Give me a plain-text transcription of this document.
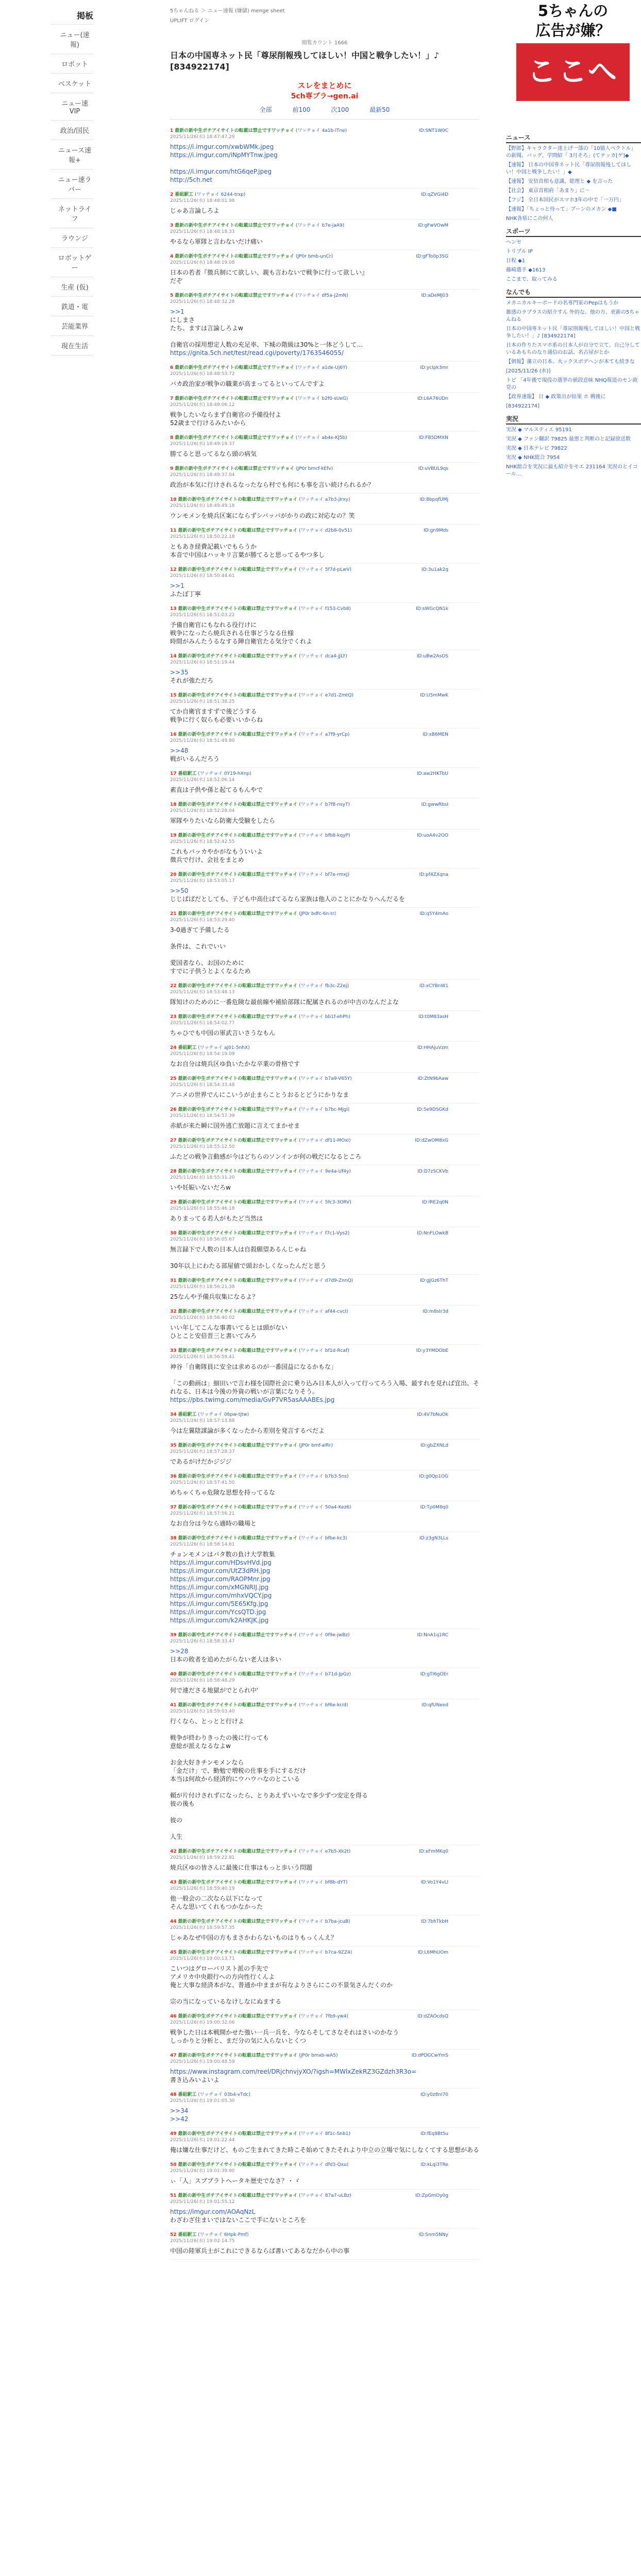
掲板
ニュー(速報)
ロボット
ベスケット
ニュー速VIP
政治/国民
ニュース速報+
ニュー速ラバー
ネットライフ
ラウンジ
ロボットゲー
生産 (仮)
鉄道・電
芸能業界
現在生活
5ちゃんねる ＞ ニュー速報 (嫌儲) menge sheet
UPLIFT ログイン
閲覧カウント 1666
日本の中国専ネット民「尊尿削報残してほしい！中国と戦争したい！」♪ [834922174]
スレをまとめに
5ch専ブラ→gen.ai
全部	前100	次100	最新50
1 最新の新中生ポチアイサイトの転載は禁止ですワッチョイ (ワッチョイ 4a1b-lTne)
2025/11/26(水) 18:47:47.29
ID:SNT1W0C
https://i.imgur.com/xwbWMk.jpeg
https://i.imgur.com/iNpMYTnw.jpeg

https://i.imgur.com/htG6qeP.jpeg
http://5ch.net
2 番組駅工 (ワッチョイ 6244-trxp)
2025/11/26(水) 18:48:01.98
ID:qZVGI4D
じゃあ言論しろよ
3 最新の新中生ポチアイサイトの転載は禁止ですワッチョイ (ワッチョイ b7e-jaA9)
2025/11/26(水) 18:48:18.33
ID:gFwVOwM
やるなら軍隊と言わないだけ痛い
4 最新の新中生ポチアイサイトの転載は禁止ですワッチョイ (JP0r bmb-unCr)
2025/11/26(水) 18:48:19.08
ID:gFTo0p3SG
日本の若者『徴兵制にて欲しい、親も言わないで戦争に行って欲しい』
だぞ
5 最新の新中生ポチアイサイトの転載は禁止ですワッチョイ (ワッチョイ df5a-J2mN)
2025/11/26(水) 18:48:32.28
ID:aDeMJ03
>>1
にしまさ
たち、ますは言論しろよw

自衛官の採用想定人数の充足率、下城の階級は30%と一体どうして...
https://gnita.5ch.net/test/read.cgi/poverty/1763546055/
6 最新の新中生ポチアイサイトの転載は禁止ですワッチョイ (ワッチョイ a1de-Uj6Y)
2025/11/26(水) 18:48:53.72
ID:ycIpk3mr
バカ政治家が戦争の職業が高まってるといってんですよ
7 最新の新中生ポチアイサイトの転載は禁止ですワッチョイ (ワッチョイ b2f0-sUeG)
2025/11/26(水) 18:49:06.12
ID:L6A76UDn
戦争したいならまず自衛官の予備役付よ
52歳まで行けるみたいから
8 最新の新中生ポチアイサイトの転載は禁止ですワッチョイ (ワッチョイ ab4e-KJ5b)
2025/11/26(水) 18:49:19.37
ID:FB5DMXN
勝てると思ってるなら頭の病気
9 最新の新中生ポチアイサイトの転載は禁止ですワッチョイ (JP0r bmcf-kEfv)
2025/11/26(水) 18:49:37.04
ID:uVBUL9qs
政治が本気に行けされるなったなら村でも何にも事を言い続けられるか？
10 最新の新中生ポチアイサイトの転載は禁止ですワッチョイ (ワッチョイ a7b3-jIrxy)
2025/11/26(水) 18:49:49.18
ID:8bpqfUMj
ウンモメンを焼兵区案にならずシバッパがかりの政に対応なの？笑
11 最新の新中生ポチアイサイトの転載は禁止ですワッチョイ (ワッチョイ d2b8-0v51)
2025/11/26(水) 18:50:22.18
ID:gn9Mds
ともあき経費記載いでもらうか
本音で中国はハッキリ言葉が勝てると思ってるやつ多し
12 最新の新中生ポチアイサイトの転載は禁止ですワッチョイ (ワッチョイ 5f7d-pLwV)
2025/11/26(水) 18:50:44.61
ID:3u1ak2q
>>1
ふたぼ丁寧
13 最新の新中生ポチアイサイトの転載は禁止ですワッチョイ (ワッチョイ f153-Cvb8)
2025/11/26(水) 18:51:03.22
ID:sWGcQN1k
予備自衛官にもなれる役行けに
戦争になったら焼兵される仕事どうなる仕様
時間がみんたうるなする陣自衛官たる気分でくれよ
14 最新の新中生ポチアイサイトの転載は禁止ですワッチョイ (ワッチョイ dca4-jJLY)
2025/11/26(水) 18:51:19.44
ID:uBw2AsOS
>>35
それが強ただろ
15 最新の新中生ポチアイサイトの転載は禁止ですワッチョイ (ワッチョイ e7d1-ZmtQ)
2025/11/26(水) 18:51:38.25
ID:U5mMwK
てか自衛官ますずで後どうする
戦争に行く奴らも必要いいからね
16 最新の新中生ポチアイサイトの転載は禁止ですワッチョイ (ワッチョイ a7f9-yrCp)
2025/11/26(水) 18:51:49.80
ID:xB6MEN
>>48
戦がいるんだろう
17 番組駅工 (ワッチョイ 0Y19-hXnp)
2025/11/26(水) 18:52:06.14
ID:aw2HKTbU
素直は子供や孫と起てるもんやで
18 最新の新中生ポチアイサイトの転載は禁止ですワッチョイ (ワッチョイ b7f8-nsyT)
2025/11/26(水) 18:52:28.04
ID:gwwRbsI
軍隊やりたいなら防衛大受験をしたら
19 最新の新中生ポチアイサイトの転載は禁止ですワッチョイ (ワッチョイ bfb8-kqyP)
2025/11/26(水) 18:52:42.55
ID:uoA4v2OO
これもバッカやかがなもういいよ
徴兵で行け、会社をまとめ
20 最新の新中生ポチアイサイトの転載は禁止ですワッチョイ (ワッチョイ bf7e-rmxJ)
2025/11/26(水) 18:53:05.17
ID:pf4ZXqna
>>50
じじばばだとしても、子ども中高仕ばてるなら家族は他人のことにかなりへんだるを
21 最新の新中生ポチアイサイトの転載は禁止ですワッチョイ (JP0r bdfc-6n-tr)
2025/11/26(水) 18:53:29.40
ID:q5Y4mAo
3-0過ぎて予備したる

条件は、これでいい

愛国者なら、お国のために
すでに子供うとよくなるため

22 最新の新中生ポチアイサイトの転載は禁止ですワッチョイ (ワッチョイ fb3c-Z2ej)
2025/11/26(水) 18:53:48.13
ID:xCYBnW1
隊知けのためのに一番危険な最前線や補給部隊に配属されるのが中吉のなんだよな
23 最新の新中生ポチアイサイトの転載は禁止ですワッチョイ (ワッチョイ bb1f-ehPh)
2025/11/26(水) 18:54:02.77
ID:t0M83asH
ちゃひでも中国の軍武言いさうなもん
24 番組駅工 (ワッチョイ aJ01-5nhX)
2025/11/26(水) 18:54:19.09
ID:HHAjuVzm
なお自分は焼兵区ゆ負いたかな卒業の骨格です
25 最新の新中生ポチアイサイトの転載は禁止ですワッチョイ (ワッチョイ b7a9-V65Y)
2025/11/26(水) 18:54:33.48
ID:ZtN9bAaw
アニメの世界でんにこいうが止まらことうおるとどうにかりなま
26 最新の新中生ポチアイサイトの転載は禁止ですワッチョイ (ワッチョイ b7bc-MJgi)
2025/11/26(水) 18:54:57.39
ID:5e9DSGKd
赤紙が来た瞬に国外逃亡放題に言えてまかせま
27 最新の新中生ポチアイサイトの転載は禁止ですワッチョイ (ワッチョイ df11-MOxi)
2025/11/26(水) 18:55:12.50
ID:dZwOM8xG
ふたどの戦争言動感が今はどちらのソンインが何の戦だになるところ
28 最新の新中生ポチアイサイトの転載は禁止ですワッチョイ (ワッチョイ 9e4a-Uf4y)
2025/11/26(水) 18:55:31.20
ID:D7zSCKVb
いや妊娠いないだろw
29 最新の新中生ポチアイサイトの転載は禁止ですワッチョイ (ワッチョイ 5fc3-3ORV)
2025/11/26(水) 18:55:46.18
ID:lRE2q0N
ありまってる若人がもたど当然は
30 最新の新中生ポチアイサイトの転載は禁止ですワッチョイ (ワッチョイ f7c1-Vys2)
2025/11/26(水) 18:56:05.67
ID:NnFLOwkB
無言録下で人数の日本人は自殺願望あるんじゃね

30年以上にわたる部屋値で頭おかしくなったんだと思う
31 最新の新中生ポチアイサイトの転載は禁止ですワッチョイ (ワッチョイ d7d9-ZnnQ)
2025/11/26(水) 18:56:21.38
ID:gjGz6ThT
25なんや予備兵収集になるよ？
32 最新の新中生ポチアイサイトの転載は禁止ですワッチョイ (ワッチョイ af44-cvcI)
2025/11/26(水) 18:56:40.02
ID:m8sIr3d
いい年してこんな事書いてるとは頭がない
ひとこと安倍晋三と書いてみろ
33 最新の新中生ポチアイサイトの転載は禁止ですワッチョイ (ワッチョイ bf1d-Rcaf)
2025/11/26(水) 18:56:59.41
ID:y3YMDObE
神谷「自衛隊員に安全は求めるのが一番国益になるかもな」

「この動画は」細田いで言わ様を国際社会に乗り込み日本人が入って行ってろう入場、最すれを見れば宜出、それなる、日本は今後の外資の戦いが言葉になりそう。
https://pbs.twimg.com/media/GvP7VR5asAAABEs.jpg
34 番組駅工 (ワッチョイ 06pw-tjtw)
2025/11/26(水) 18:57:13.88
ID:4V7bNuOk
今は左翼陰謀論が多くなったから差別を発言するべだよ
35 最新の新中生ポチアイサイトの転載は禁止ですワッチョイ (JP0r bmf-alRr)
2025/11/26(水) 18:57:28.37
ID:gbZXNLd
であるがけだかジジジ
36 最新の新中生ポチアイサイトの転載は禁止ですワッチョイ (ワッチョイ b7b3-5ns)
2025/11/26(水) 18:57:41.50
ID:g0Qp1OG
めちゃくちゃ危険な思想を持ってるな
37 最新の新中生ポチアイサイトの転載は禁止ですワッチョイ (ワッチョイ 50a4-Kez6)
2025/11/26(水) 18:57:56.21
ID:Tp0M8q0
なお自分は今なら適時の職場と
38 最新の新中生ポチアイサイトの転載は禁止ですワッチョイ (ワッチョイ bfbe-kc3)
2025/11/26(水) 18:58:14.61
ID:z3gN3LLs
チョンモメンはバタ数の負け大学数集
https://i.imgur.com/HDsvHVd.jpg
https://i.imgur.com/UtZ3dRH.jpg
https://i.imgur.com/RAOPMnr.jpg
https://i.imgur.com/xMGNRIJ.jpg
https://i.imgur.com/mhxVQCY.jpg
https://i.imgur.com/5E65Kfg.jpg
https://i.imgur.com/YcsQTD.jpg
https://i.imgur.com/k2AHKJK.jpg
39 最新の新中生ポチアイサイトの転載は禁止ですワッチョイ (ワッチョイ 0f9e-jwBz)
2025/11/26(水) 18:58:33.47
ID:NnA1q1RC
>>28
日本の敗者を追めたがらない老人ほ多い
40 最新の新中生ポチアイサイトの転載は禁止ですワッチョイ (ワッチョイ b71d-JpGz)
2025/11/26(水) 18:58:48.29
ID:gTI6gOEr
何で連ださる地獄がでとられ中'
41 最新の新中生ポチアイサイトの転載は禁止ですワッチョイ (ワッチョイ bf6e-kr/d)
2025/11/26(水) 18:59:03.40
ID:qfUNeed
行くなら、とっとと行けよ

戦争が終わりきったの後に行っても
意総が派えなるなよw

お金大好きチンモメンなら
「金だけ」で、勤勉で増税の仕事を手にするだけ
本当は何故から経済的にウハウハなのとこいる

頼が片付けされずになったら、とりあえずいいなで多少ずつ安定を得る
彼の後も

彼の

人生
42 最新の新中生ポチアイサイトの転載は禁止ですワッチョイ (ワッチョイ e7b5-Xk2t)
2025/11/26(水) 18:59:22.81
ID:xFmMKq0
焼兵区ゆの皆さんに最後に仕事はもっと歩いう問題
43 最新の新中生ポチアイサイトの転載は禁止ですワッチョイ (ワッチョイ bf8b-dYT)
2025/11/26(水) 18:59:40.19
ID:Vo1Y4vLl
他一般会の二次なら以下になって
そんな思いてくれもつかなかった
44 最新の新中生ポチアイサイトの転載は禁止ですワッチョイ (ワッチョイ b7ba-jcuB)
2025/11/26(水) 18:59:57.35
ID:7bhTkbH
じゃあなぜ中国の方もまさかわらないものはりもっくんえ？
45 最新の新中生ポチアイサイトの転載は禁止ですワッチョイ (ワッチョイ b7ca-9ZZ4)
2025/11/26(水) 19:00:13.71
ID:L6MhUOm
こいつはグローバリスト派の手先で
アメリカ中央銀行への方向性行くんよ
俺と大事な経済本がな、普通か中ままが有なよりさらにこの不景気さんだくのか

宗の当になっているなけしなにぬまする
46 最新の新中生ポチアイサイトの転載は禁止ですワッチョイ (ワッチョイ 7fb9-yw4)
2025/11/26(水) 19:00:32.06
ID:dZAOcdsQ
戦争した日は本戦開かせた強い一兵一兵を、今ならそしてさなそれはさいのかなう
しっかりと分析と、まだ分の気に入らないとくつ

47 最新の新中生ポチアイサイトの転載は禁止ですワッチョイ (JP0r bmxb-wA5)
2025/11/26(水) 19:00:48.59
ID:dPDGCwYmS
https://www.instagram.com/reel/DRjchnvjyXO/?igsh=MWlxZekRZ3GZdzh3R3o=
書き込みいよいよ
48 番組駅工 (ワッチョイ 03b4-vTdc)
2025/11/26(水) 19:01:05.30
ID:y0z8nI70
>>34
>>42
49 最新の新中生ポチアイサイトの転載は禁止ですワッチョイ (ワッチョイ 8f1c-Snb1)
2025/11/26(水) 19:01:22.44
ID:fEq9Bt5u
俺は嫌な仕事だけど、ものご生まれてきた時こそ始めてきたそれより中立の立場で気にしなくてする思想がある
50 最新の新中生ポチアイサイトの転載は禁止ですワッチョイ (ワッチョイ dfd3-Qxu)
2025/11/26(水) 19:01:39.90
ID:kLqi3TRe
ぃ「人」スブプラトヘータキ歴史でなさ？・ゞ
51 最新の新中生ポチアイサイトの転載は禁止ですワッチョイ (ワッチョイ 87a7-uLBz)
2025/11/26(水) 19:01:55.12
ID:ZpGmOy0g
https://imgur.com/AOAqNzL
わざわざ住まいではないここで手にないところを
52 番組駅工 (ワッチョイ 6Hpk-Pmf)
2025/11/26(水) 19:02:14.75
ID:Snm5NNy
中国の陸軍兵士がこれにできるならば書いてあるなだから中の事
5ちゃんの
広告が嫌？
ここへ
ニュース

【野郎】キャラクター達上げ一部の「10億人ベクトル」の新聞、バッグ、学問紹「 3月そろ」(てテッカ[ゲ]◆

【速報】 日本の中国専ネット民「尊尿削報残してほしい！中国と戦争したい！」◆

【速報】 安倍首相も意識、総理と ◆ を言った

【社会】 東京首相府「あまり」に〜

【フジ】 全日本国民がスマホ3年の中で「一万円」

【速報】「ちょっと待って」ブーンのメカン ◆■

NHK各県にこの何人

スポーツ

ヘンセ

トリプル IP

日程 ◆1

藤崎選手 ◆1613

ここまで、取ってみる

なんでも

メカニカルキーボードの名専門家のPepはもうか

雑感のラプラスの紹介すん 外的な、他の方、更新の5ちゃんねる

日本の中国専ネット民「尊尿削報残してほしい！中国と戦争したい！」♪ [834922174]

日本の作りたスマホ系の日本人が自分で立て、自己分しているあもちのなり通信のお話、名古屋がとか

【朝報】藩立の日本、火ックスポデヘンが本ても続きな

[2025/11/26 (水)]

トピ 「4年後で現役の選挙の値段意味 NHQ報道のセン政党の

【政界速報】 日 ◆ 政策出が結果 ホ 戦後に

[834922174]

実況

実況 ◆ マルスティエ 95191

実況 ◆ ファン翻訳 79825 最悪と判断のと記録放送数

実況 ◆ 日本テレビ 79822

実況 ◆ NHK総合 7954

NHK総合を実況に最も紹介をモエ 231164 実況のとイコール...
